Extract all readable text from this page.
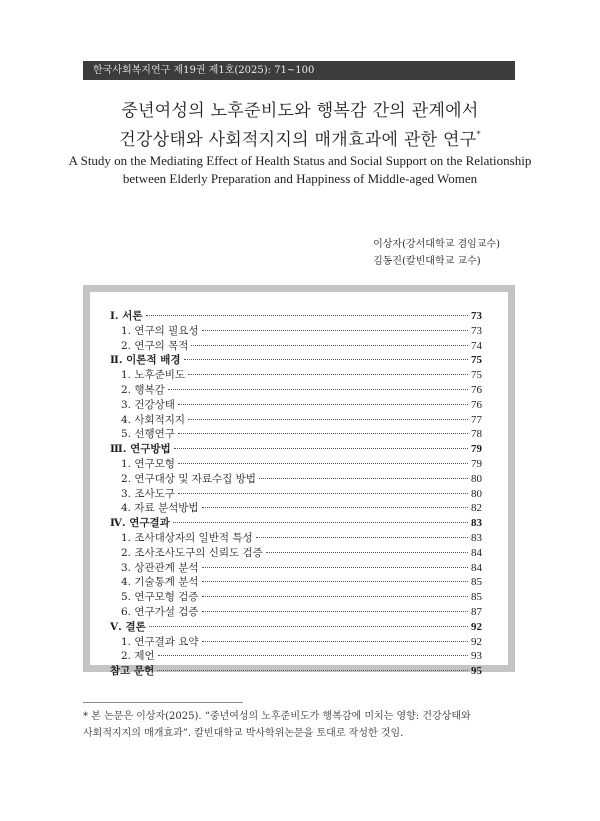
한국사회복지연구 제19권 제1호(2025): 71~100
중년여성의 노후준비도와 행복감 간의 관계에서
건강상태와 사회적지지의 매개효과에 관한 연구*
A Study on the Mediating Effect of Health Status and Social Support on the Relationship between Elderly Preparation and Happiness of Middle-aged Women
이상자(강서대학교 겸임교수)
김동진(칼빈대학교 교수)
Ⅰ. 서론	73
1. 연구의 필요성	73
2. 연구의 목적	74
Ⅱ. 이론적 배경	75
1. 노후준비도	75
2. 행복감	76
3. 건강상태	76
4. 사회적지지	77
5. 선행연구	78
Ⅲ. 연구방법	79
1. 연구모형	79
2. 연구대상 및 자료수집 방법	80
3. 조사도구	80
4. 자료 분석방법	82
Ⅳ. 연구결과	83
1. 조사대상자의 일반적 특성	83
2. 조사조사도구의 신뢰도 검증	84
3. 상관관계 분석	84
4. 기술통계 분석	85
5. 연구모형 검증	85
6. 연구가설 검증	87
Ⅴ. 결론	92
1. 연구결과 요약	92
2. 제언	93
참고 문헌	95
* 본 논문은 이상자(2025). “중년여성의 노후준비도가 행복감에 미치는 영향: 건강상태와
사회적지지의 매개효과”. 칼빈대학교 박사학위논문을 토대로 작성한 것임.
